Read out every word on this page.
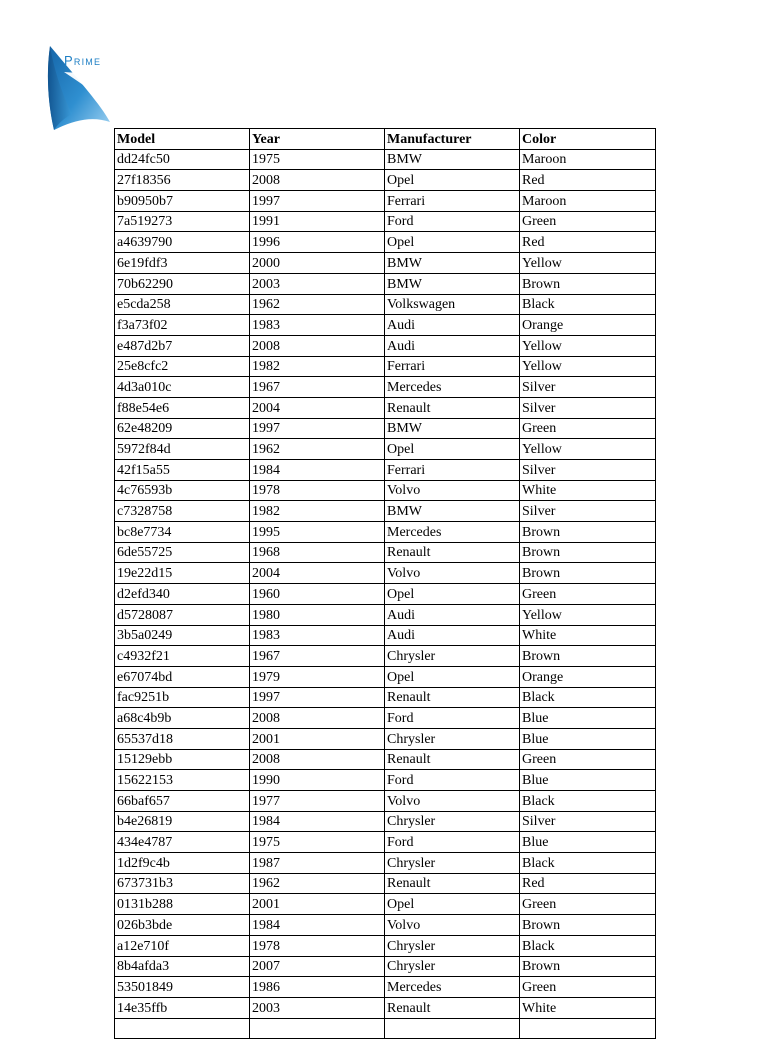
Prime
Model	Year	Manufacturer	Color
dd24fc50	1975	BMW	Maroon
27f18356	2008	Opel	Red
b90950b7	1997	Ferrari	Maroon
7a519273	1991	Ford	Green
a4639790	1996	Opel	Red
6e19fdf3	2000	BMW	Yellow
70b62290	2003	BMW	Brown
e5cda258	1962	Volkswagen	Black
f3a73f02	1983	Audi	Orange
e487d2b7	2008	Audi	Yellow
25e8cfc2	1982	Ferrari	Yellow
4d3a010c	1967	Mercedes	Silver
f88e54e6	2004	Renault	Silver
62e48209	1997	BMW	Green
5972f84d	1962	Opel	Yellow
42f15a55	1984	Ferrari	Silver
4c76593b	1978	Volvo	White
c7328758	1982	BMW	Silver
bc8e7734	1995	Mercedes	Brown
6de55725	1968	Renault	Brown
19e22d15	2004	Volvo	Brown
d2efd340	1960	Opel	Green
d5728087	1980	Audi	Yellow
3b5a0249	1983	Audi	White
c4932f21	1967	Chrysler	Brown
e67074bd	1979	Opel	Orange
fac9251b	1997	Renault	Black
a68c4b9b	2008	Ford	Blue
65537d18	2001	Chrysler	Blue
15129ebb	2008	Renault	Green
15622153	1990	Ford	Blue
66baf657	1977	Volvo	Black
b4e26819	1984	Chrysler	Silver
434e4787	1975	Ford	Blue
1d2f9c4b	1987	Chrysler	Black
673731b3	1962	Renault	Red
0131b288	2001	Opel	Green
026b3bde	1984	Volvo	Brown
a12e710f	1978	Chrysler	Black
8b4afda3	2007	Chrysler	Brown
53501849	1986	Mercedes	Green
14e35ffb	2003	Renault	White
